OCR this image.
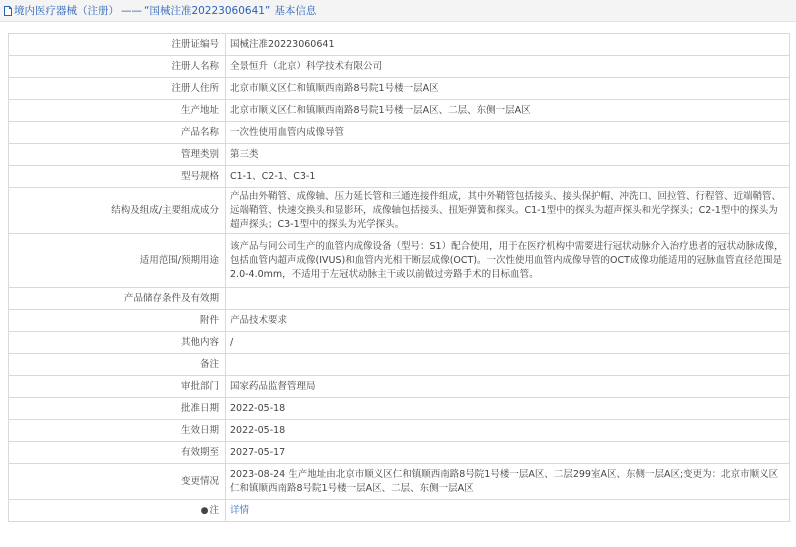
境内医疗器械（注册） —— “国械注准20223060641” 基本信息
注册证编号	国械注准20223060641
注册人名称	全景恒升（北京）科学技术有限公司
注册人住所	北京市顺义区仁和镇顺西南路8号院1号楼一层A区
生产地址	北京市顺义区仁和镇顺西南路8号院1号楼一层A区、二层、东侧一层A区
产品名称	一次性使用血管内成像导管
管理类别	第三类
型号规格	C1-1、C2-1、C3-1
结构及组成/主要组成成分	产品由外鞘管、成像轴、压力延长管和三通连接件组成，其中外鞘管包括接头、接头保护帽、冲洗口、回拉管、行程管、近端鞘管、远端鞘管、快速交换头和显影环，成像轴包括接头、扭矩弹簧和探头。C1-1型中的探头为超声探头和光学探头；C2-1型中的探头为超声探头；C3-1型中的探头为光学探头。
适用范围/预期用途	该产品与同公司生产的血管内成像设备（型号：S1）配合使用，用于在医疗机构中需要进行冠状动脉介入治疗患者的冠状动脉成像，包括血管内超声成像(IVUS)和血管内光相干断层成像(OCT)。一次性使用血管内成像导管的OCT成像功能适用的冠脉血管直径范围是2.0-4.0mm，不适用于左冠状动脉主干或以前做过旁路手术的目标血管。
产品储存条件及有效期	
附件	产品技术要求
其他内容	/
备注	
审批部门	国家药品监督管理局
批准日期	2022-05-18
生效日期	2022-05-18
有效期至	2027-05-17
变更情况	2023-08-24 生产地址由北京市顺义区仁和镇顺西南路8号院1号楼一层A区、二层299室A区、东侧一层A区;变更为：北京市顺义区仁和镇顺西南路8号院1号楼一层A区、二层、东侧一层A区
●注	详情
